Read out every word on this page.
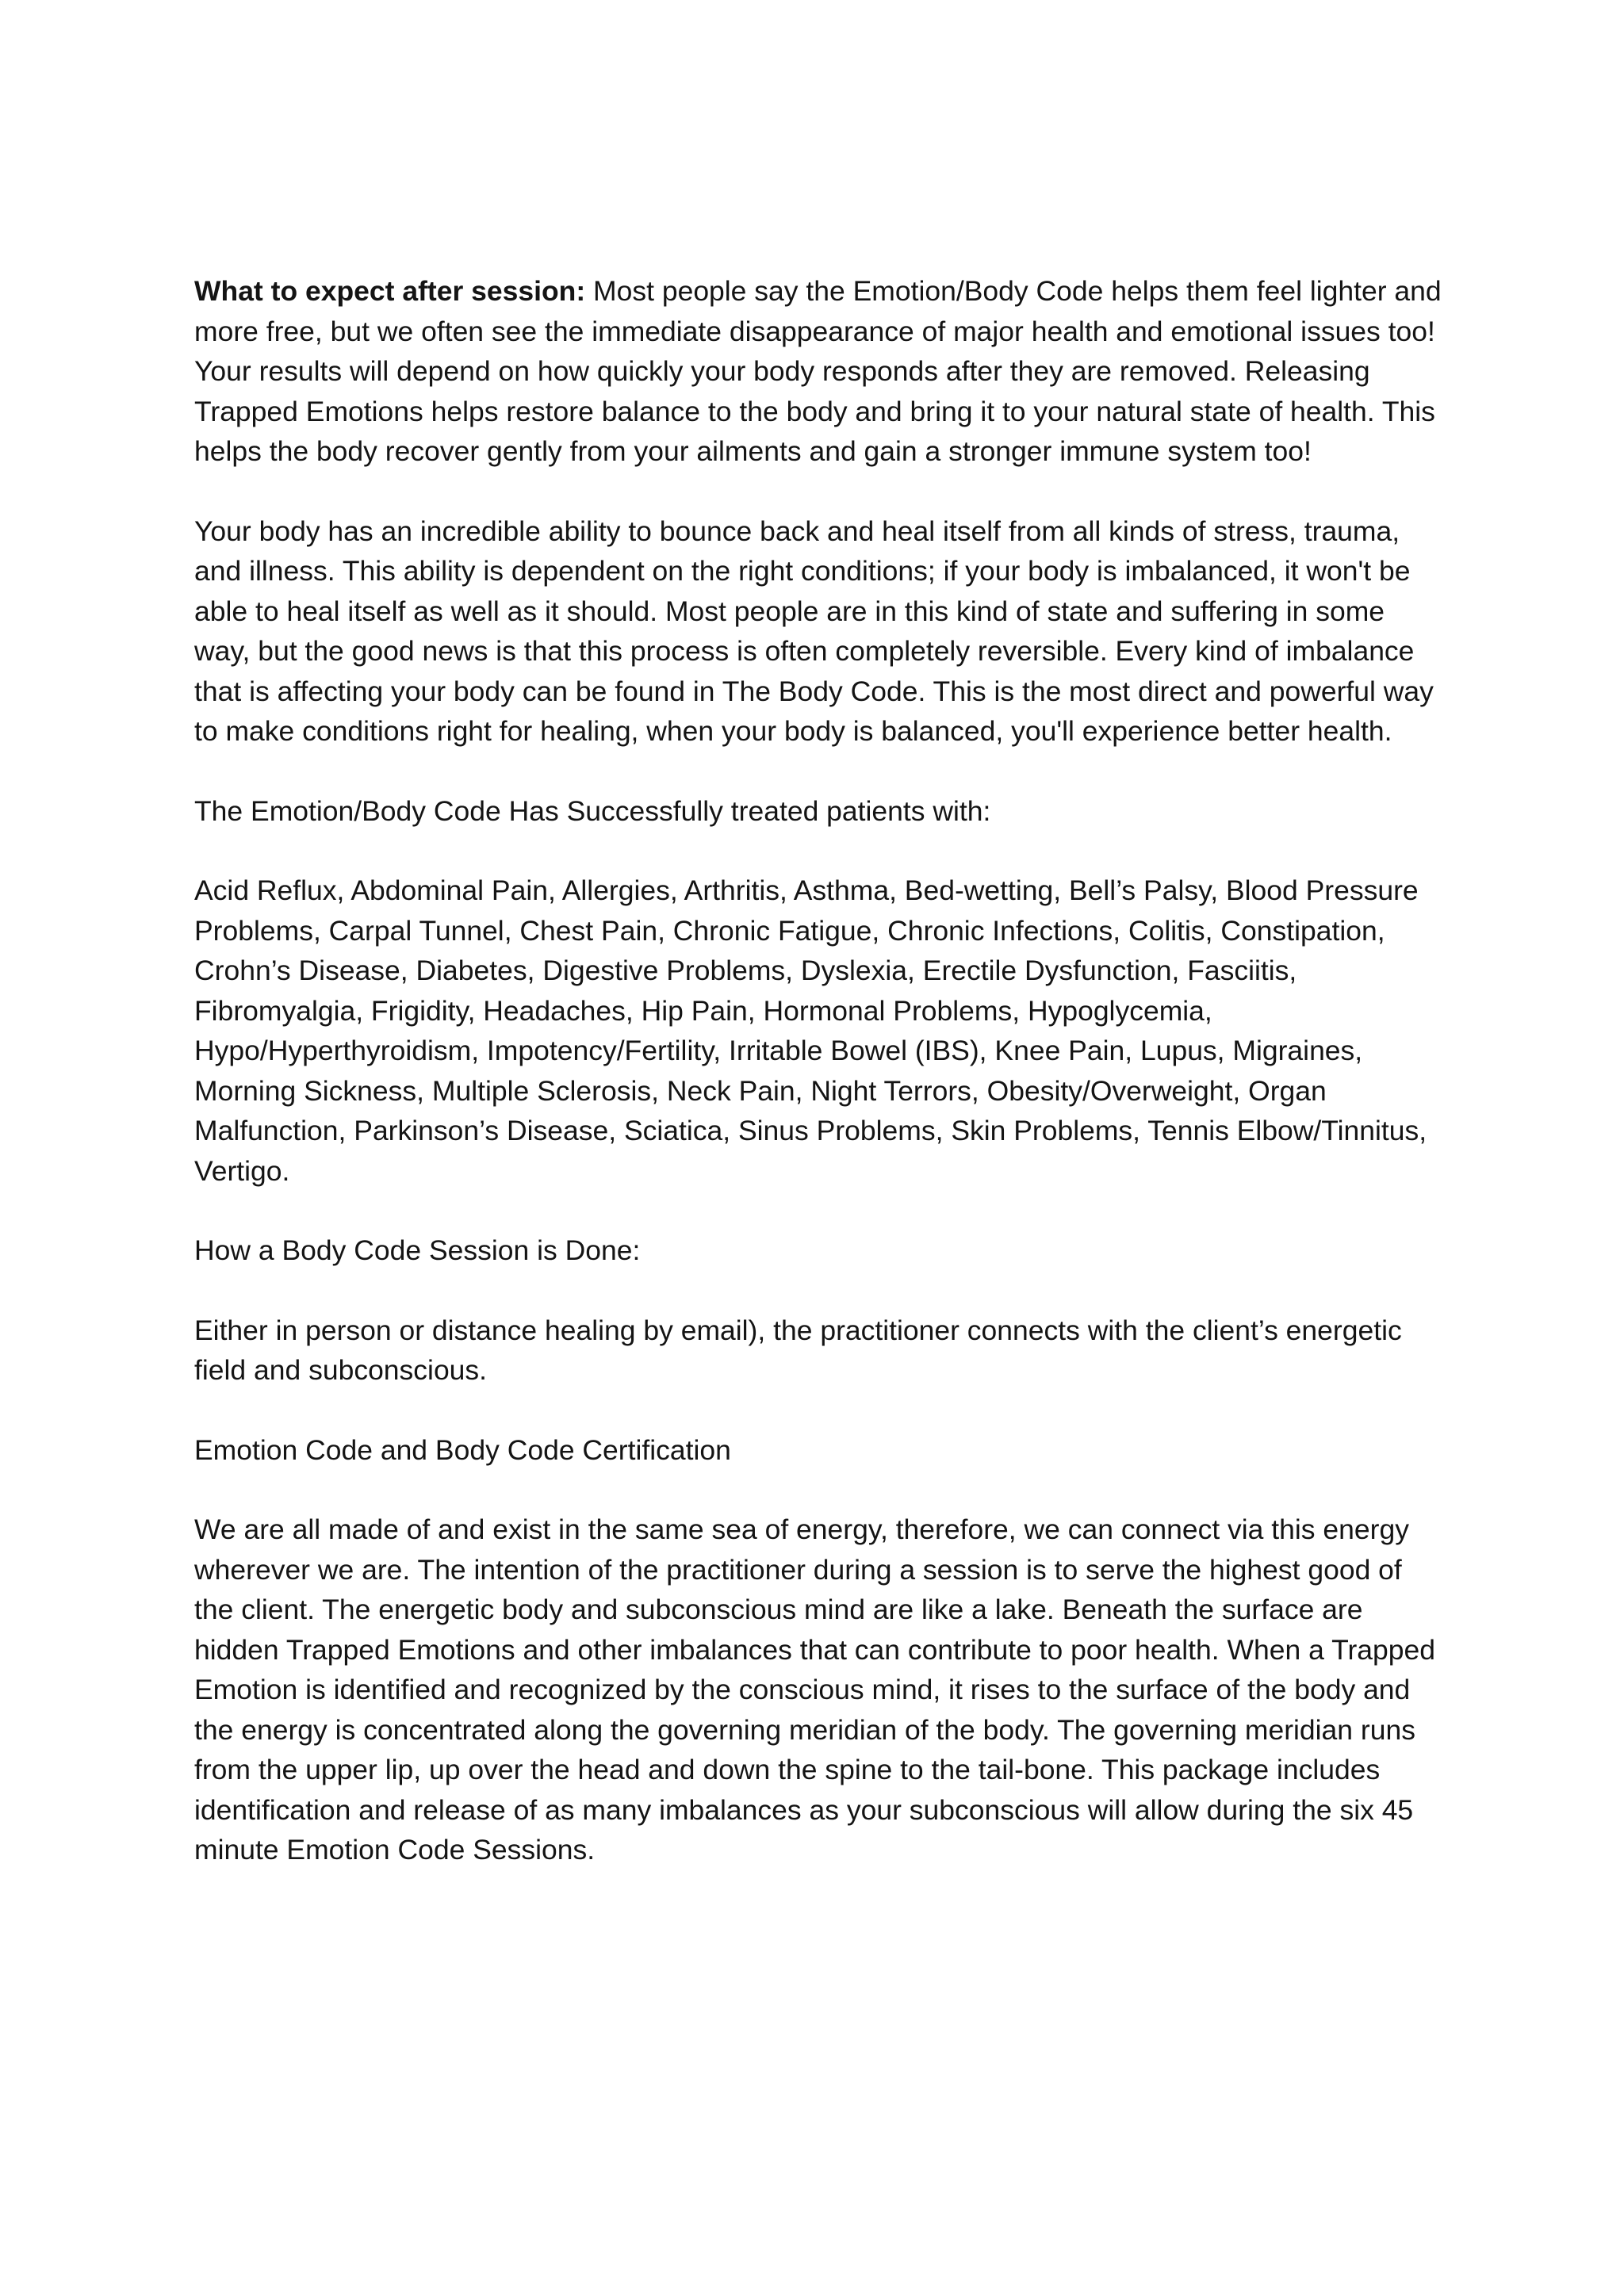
What to expect after session: Most people say the Emotion/Body Code helps them feel lighter and more free, but we often see the immediate disappearance of major health and emotional issues too! Your results will depend on how quickly your body responds after they are removed. Releasing Trapped Emotions helps restore balance to the body and bring it to your natural state of health. This helps the body recover gently from your ailments and gain a stronger immune system too!

Your body has an incredible ability to bounce back and heal itself from all kinds of stress, trauma, and illness. This ability is dependent on the right conditions; if your body is imbalanced, it won't be able to heal itself as well as it should. Most people are in this kind of state and suffering in some way, but the good news is that this process is often completely reversible. Every kind of imbalance that is affecting your body can be found in The Body Code. This is the most direct and powerful way to make conditions right for healing, when your body is balanced, you'll experience better health.

The Emotion/Body Code Has Successfully treated patients with:

Acid Reflux, Abdominal Pain, Allergies, Arthritis, Asthma, Bed-wetting, Bell’s Palsy, Blood Pressure Problems, Carpal Tunnel, Chest Pain, Chronic Fatigue, Chronic Infections, Colitis, Constipation, Crohn’s Disease, Diabetes, Digestive Problems, Dyslexia, Erectile Dysfunction, Fasciitis, Fibromyalgia, Frigidity, Headaches, Hip Pain, Hormonal Problems, Hypoglycemia, Hypo/Hyperthyroidism, Impotency/Fertility, Irritable Bowel (IBS), Knee Pain, Lupus, Migraines, Morning Sickness, Multiple Sclerosis, Neck Pain, Night Terrors, Obesity/Overweight, Organ Malfunction, Parkinson’s Disease, Sciatica, Sinus Problems, Skin Problems, Tennis Elbow/Tinnitus, Vertigo.

How a Body Code Session is Done:

Either in person or distance healing by email), the practitioner connects with the client’s energetic field and subconscious.

Emotion Code and Body Code Certification

We are all made of and exist in the same sea of energy, therefore, we can connect via this energy wherever we are. The intention of the practitioner during a session is to serve the highest good of the client. The energetic body and subconscious mind are like a lake. Beneath the surface are hidden Trapped Emotions and other imbalances that can contribute to poor health. When a Trapped Emotion is identified and recognized by the conscious mind, it rises to the surface of the body and the energy is concentrated along the governing meridian of the body. The governing meridian runs from the upper lip, up over the head and down the spine to the tail-bone. This package includes identification and release of as many imbalances as your subconscious will allow during the six 45 minute Emotion Code Sessions.
